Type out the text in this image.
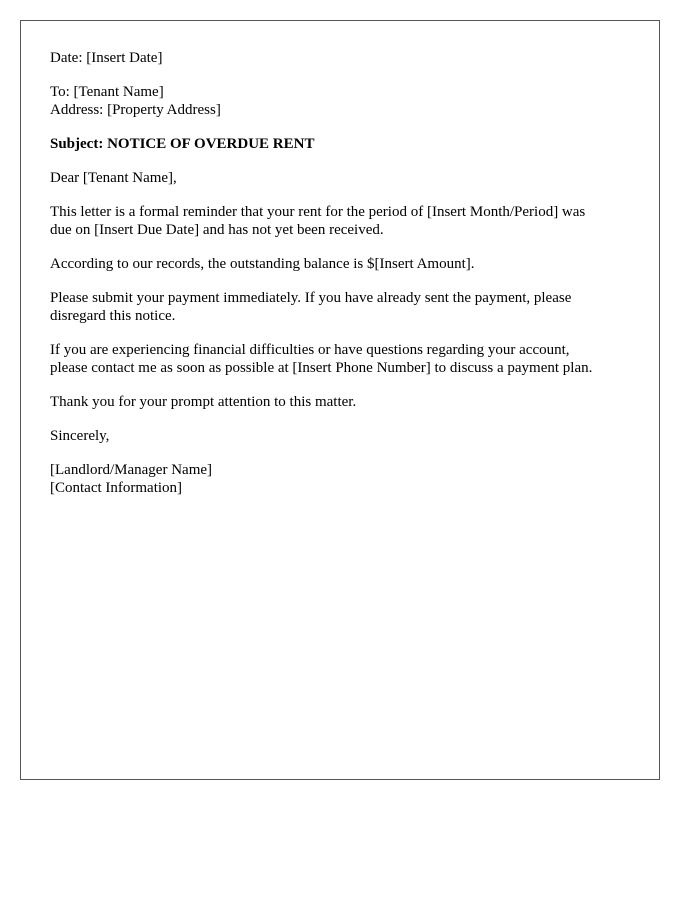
Date: [Insert Date]

To: [Tenant Name]
Address: [Property Address]

Subject: NOTICE OF OVERDUE RENT

Dear [Tenant Name],

This letter is a formal reminder that your rent for the period of [Insert Month/Period] was
due on [Insert Due Date] and has not yet been received.

According to our records, the outstanding balance is $[Insert Amount].

Please submit your payment immediately. If you have already sent the payment, please
disregard this notice.

If you are experiencing financial difficulties or have questions regarding your account,
please contact me as soon as possible at [Insert Phone Number] to discuss a payment plan.

Thank you for your prompt attention to this matter.

Sincerely,

[Landlord/Manager Name]
[Contact Information]
